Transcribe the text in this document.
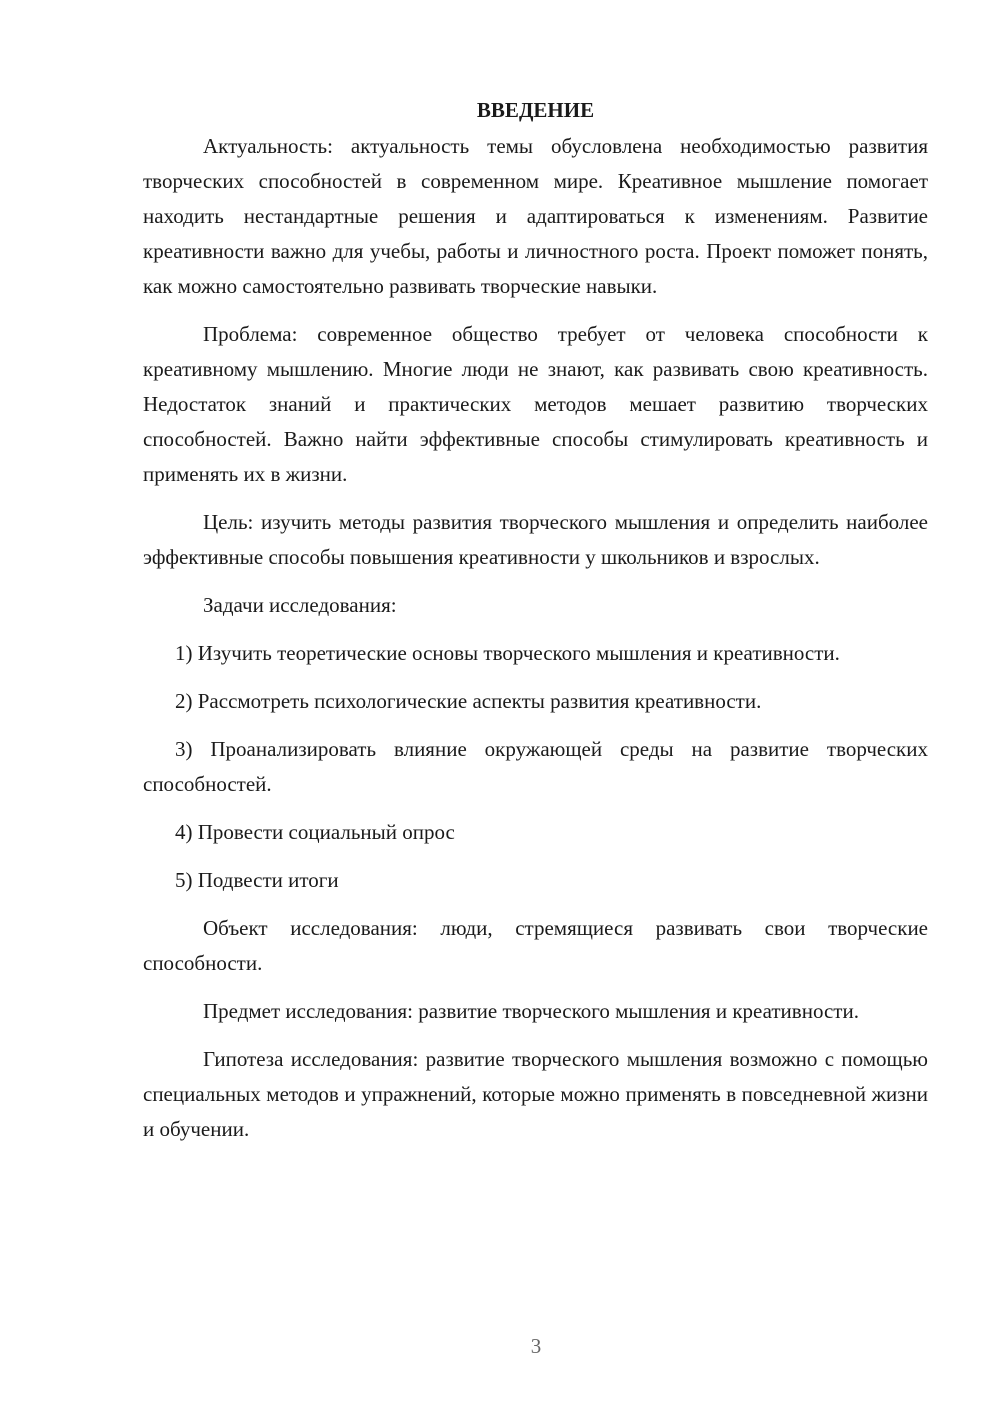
ВВЕДЕНИЕ

Актуальность: актуальность темы обусловлена необходимостью развития творческих способностей в современном мире. Креативное мышление помогает находить нестандартные решения и адаптироваться к изменениям. Развитие креативности важно для учебы, работы и личностного роста. Проект поможет понять, как можно самостоятельно развивать творческие навыки.

Проблема: современное общество требует от человека способности к креативному мышлению. Многие люди не знают, как развивать свою креативность. Недостаток знаний и практических методов мешает развитию творческих способностей. Важно найти эффективные способы стимулировать креативность и применять их в жизни.

Цель: изучить методы развития творческого мышления и определить наиболее эффективные способы повышения креативности у школьников и взрослых.

Задачи исследования:

1) Изучить теоретические основы творческого мышления и креативности.

2) Рассмотреть психологические аспекты развития креативности.

3) Проанализировать влияние окружающей среды на развитие творческих способностей.

4) Провести социальный опрос

5) Подвести итоги

Объект исследования: люди, стремящиеся развивать свои творческие способности.

Предмет исследования: развитие творческого мышления и креативности.

Гипотеза исследования: развитие творческого мышления возможно с помощью специальных методов и упражнений, которые можно применять в повседневной жизни и обучении.

3
